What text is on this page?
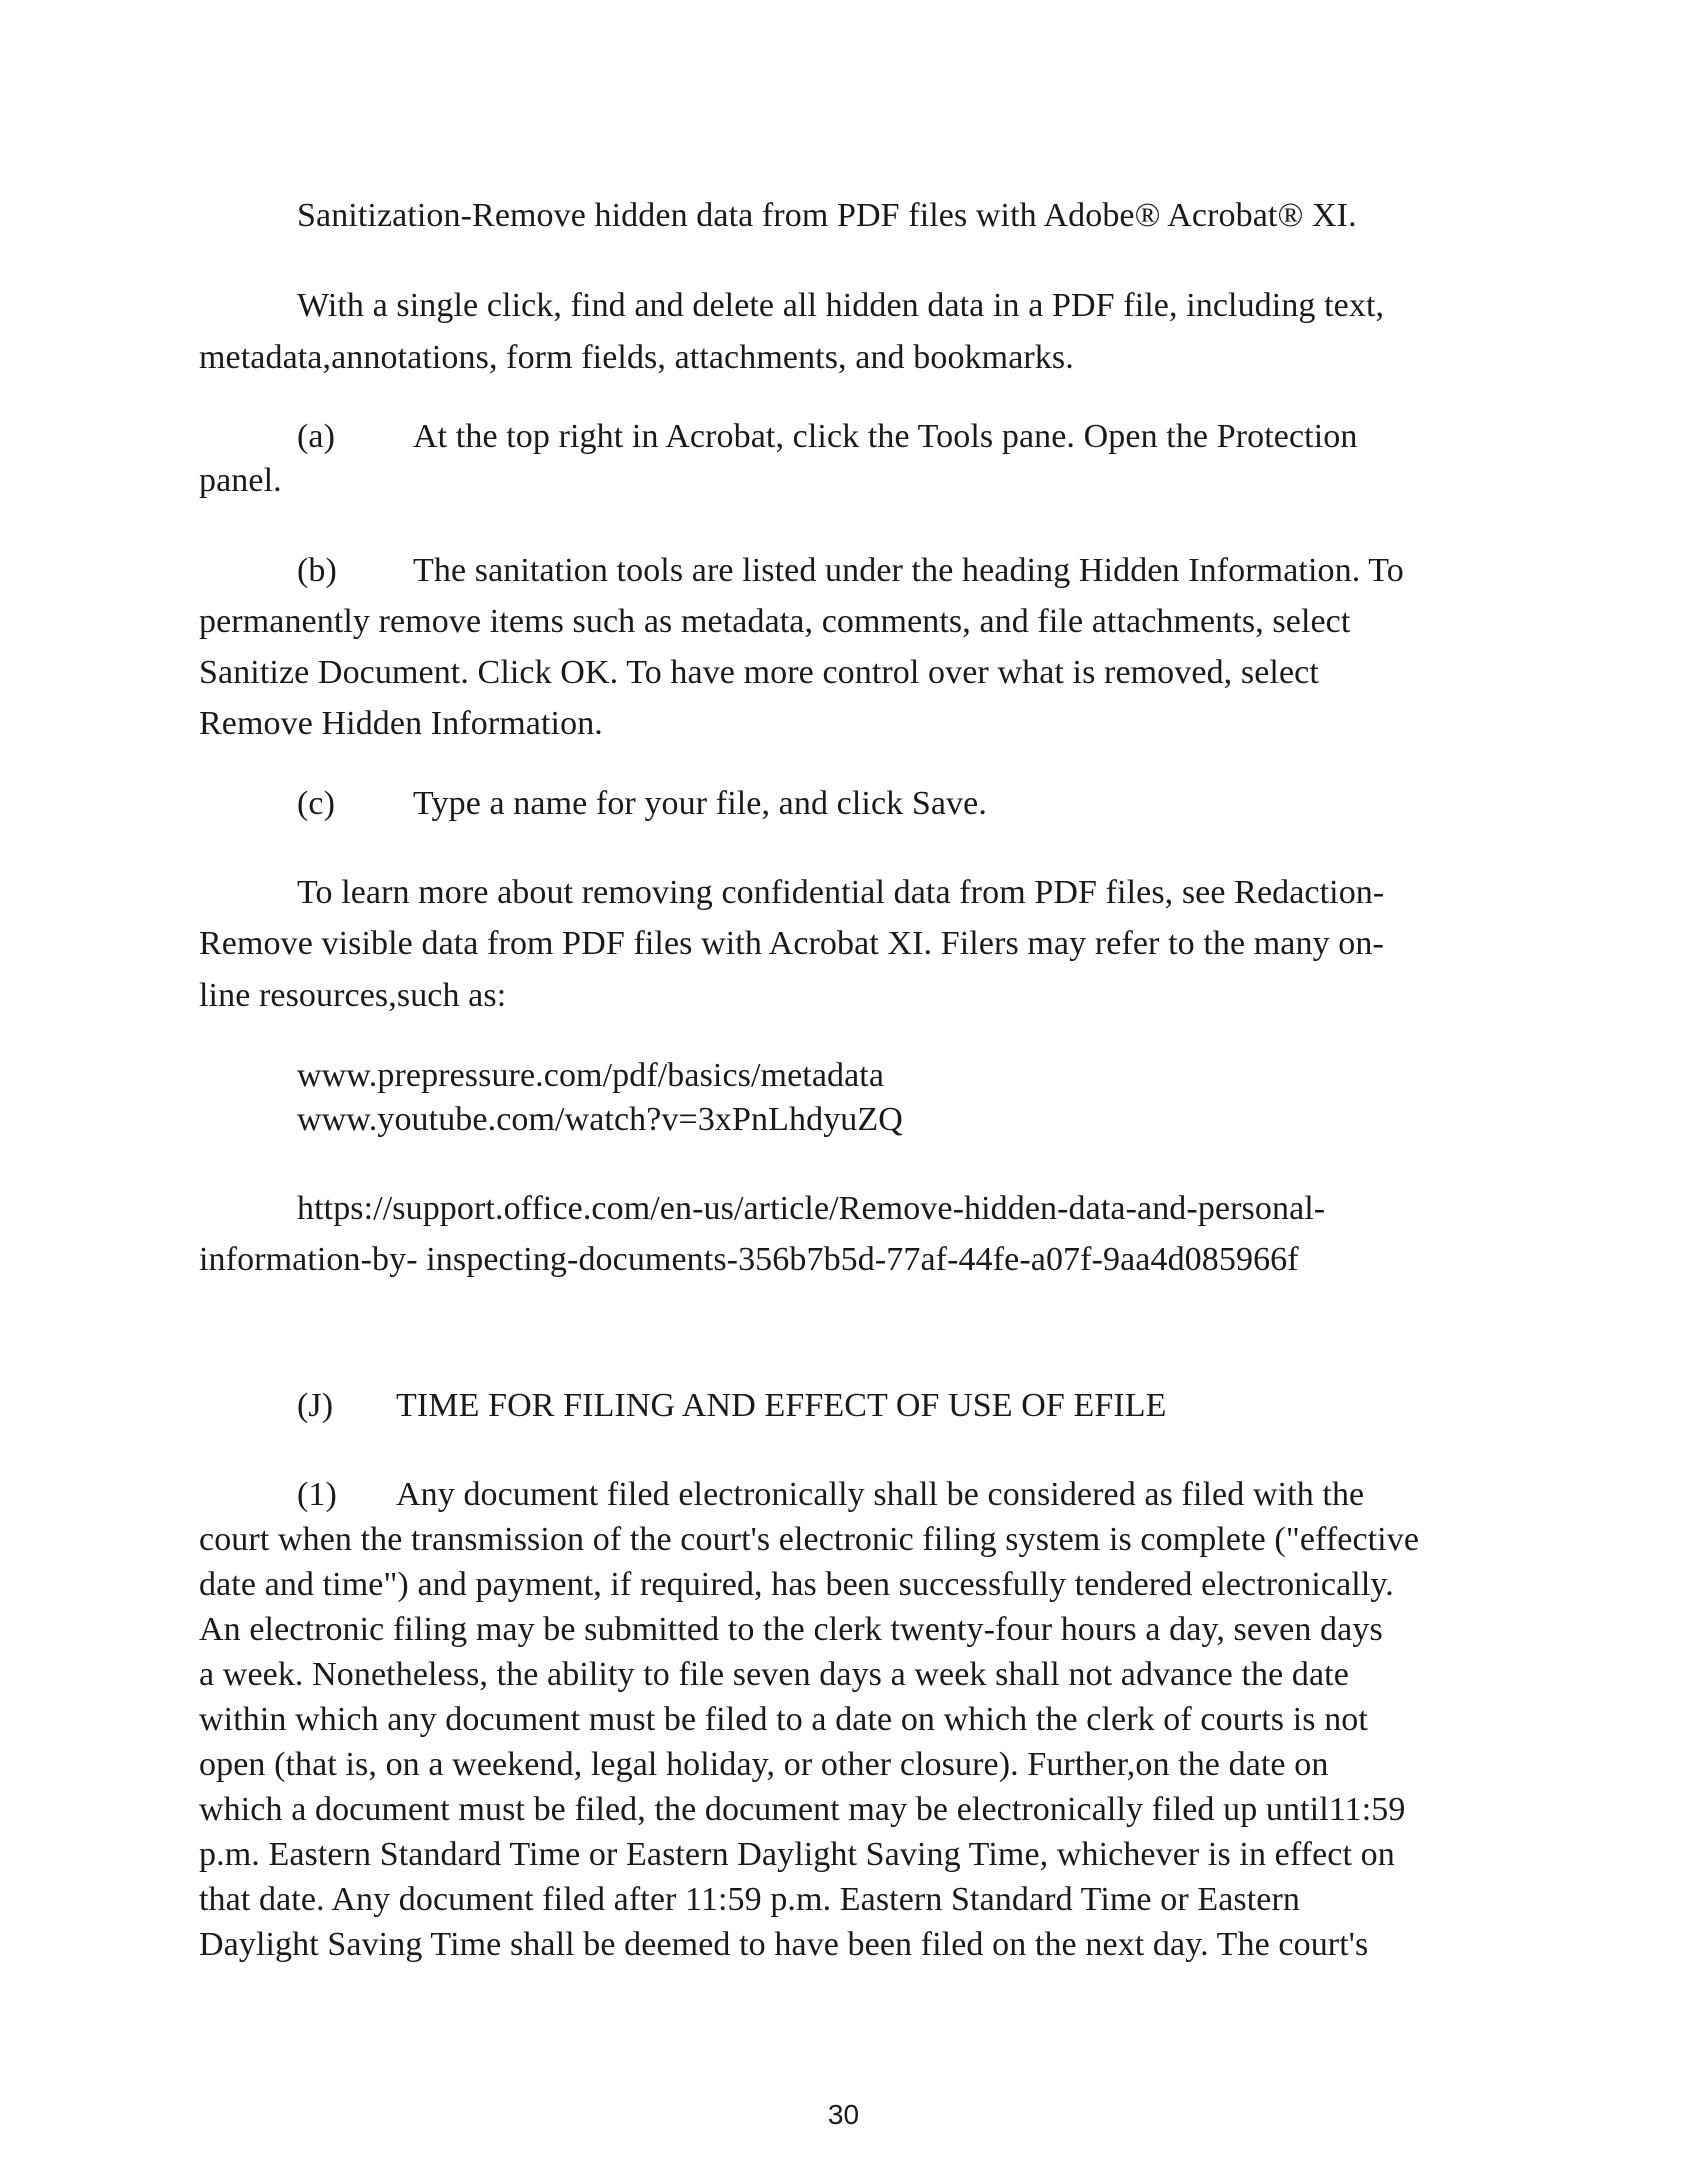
Sanitization-Remove hidden data from PDF files with Adobe® Acrobat® XI.
With a single click, find and delete all hidden data in a PDF file, including text,
metadata,annotations, form fields, attachments, and bookmarks.
(a) At the top right in Acrobat, click the Tools pane. Open the Protection
panel.
(b) The sanitation tools are listed under the heading Hidden Information. To
permanently remove items such as metadata, comments, and file attachments, select
Sanitize Document. Click OK. To have more control over what is removed, select
Remove Hidden Information.
(c) Type a name for your file, and click Save.
To learn more about removing confidential data from PDF files, see Redaction-
Remove visible data from PDF files with Acrobat XI. Filers may refer to the many on-
line resources,such as:
www.prepressure.com/pdf/basics/metadata
www.youtube.com/watch?v=3xPnLhdyuZQ
https://support.office.com/en-us/article/Remove-hidden-data-and-personal-
information-by- inspecting-documents-356b7b5d-77af-44fe-a07f-9aa4d085966f
(J) TIME FOR FILING AND EFFECT OF USE OF EFILE
(1) Any document filed electronically shall be considered as filed with the
court when the transmission of the court's electronic filing system is complete ("effective
date and time") and payment, if required, has been successfully tendered electronically.
An electronic filing may be submitted to the clerk twenty-four hours a day, seven days
a week. Nonetheless, the ability to file seven days a week shall not advance the date
within which any document must be filed to a date on which the clerk of courts is not
open (that is, on a weekend, legal holiday, or other closure). Further,on the date on
which a document must be filed, the document may be electronically filed up until11:59
p.m. Eastern Standard Time or Eastern Daylight Saving Time, whichever is in effect on
that date. Any document filed after 11:59 p.m. Eastern Standard Time or Eastern
Daylight Saving Time shall be deemed to have been filed on the next day. The court's
30
